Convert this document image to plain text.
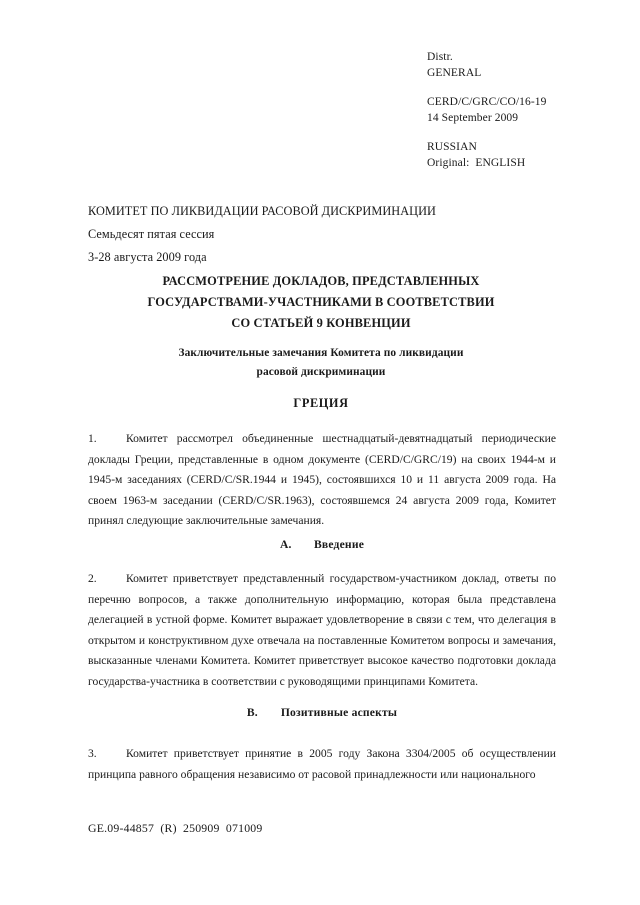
Distr.
GENERAL
CERD/C/GRC/CO/16-19
14 September 2009
RUSSIAN
Original:  ENGLISH
КОМИТЕТ ПО ЛИКВИДАЦИИ РАСОВОЙ ДИСКРИМИНАЦИИ
Семьдесят пятая сессия
3-28 августа 2009 года
РАССМОТРЕНИЕ ДОКЛАДОВ, ПРЕДСТАВЛЕННЫХ
ГОСУДАРСТВАМИ-УЧАСТНИКАМИ В СООТВЕТСТВИИ
СО СТАТЬЕЙ 9 КОНВЕНЦИИ
Заключительные замечания Комитета по ликвидации
расовой дискриминации
ГРЕЦИЯ
1.	Комитет рассмотрел объединенные шестнадцатый-девятнадцатый периодические доклады Греции, представленные в одном документе (CERD/C/GRC/19) на своих 1944-м и 1945-м заседаниях (CERD/C/SR.1944 и 1945), состоявшихся 10 и 11 августа 2009 года. На своем 1963-м заседании (CERD/C/SR.1963), состоявшемся 24 августа 2009 года, Комитет принял следующие заключительные замечания.
А. Введение
2.	Комитет приветствует представленный государством-участником доклад, ответы по перечню вопросов, а также дополнительную информацию, которая была представлена делегацией в устной форме. Комитет выражает удовлетворение в связи с тем, что делегация в открытом и конструктивном духе отвечала на поставленные Комитетом вопросы и замечания, высказанные членами Комитета. Комитет приветствует высокое качество подготовки доклада государства-участника в соответствии с руководящими принципами Комитета.
В. Позитивные аспекты
3.	Комитет приветствует принятие в 2005 году Закона 3304/2005 об осуществлении принципа равного обращения независимо от расовой принадлежности или национального
GE.09-44857  (R)  250909  071009
